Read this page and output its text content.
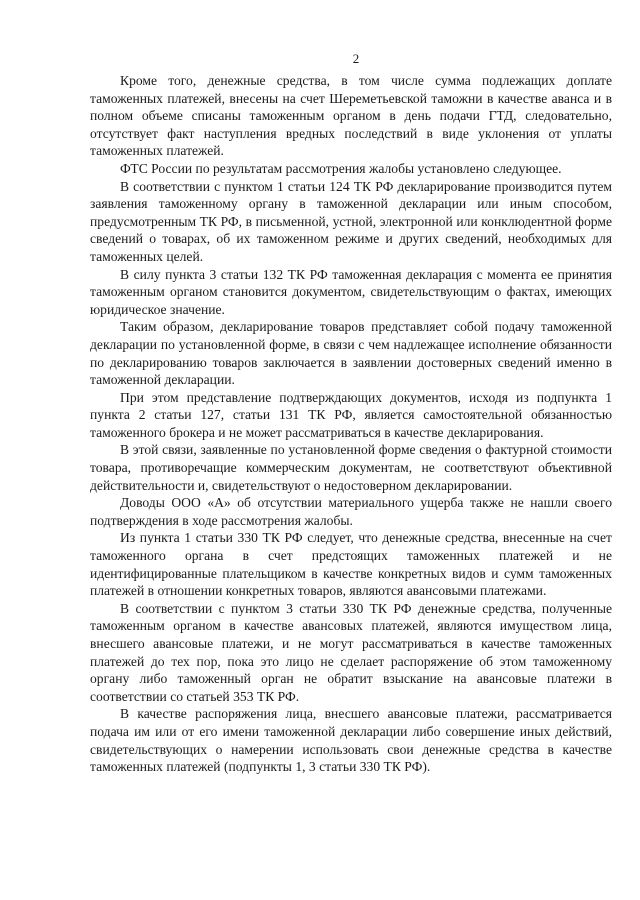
2

Кроме того, денежные средства, в том числе сумма подлежащих доплате таможенных платежей, внесены на счет Шереметьевской таможни в качестве аванса и в полном объеме списаны таможенным органом в день подачи ГТД, следовательно, отсутствует факт наступления вредных последствий в виде уклонения от уплаты таможенных платежей.

ФТС России по результатам рассмотрения жалобы установлено следующее.

В соответствии с пунктом 1 статьи 124 ТК РФ декларирование производится путем заявления таможенному органу в таможенной декларации или иным способом, предусмотренным ТК РФ, в письменной, устной, электронной или конклюдентной форме сведений о товарах, об их таможенном режиме и других сведений, необходимых для таможенных целей.

В силу пункта 3 статьи 132 ТК РФ таможенная декларация с момента ее принятия таможенным органом становится документом, свидетельствующим о фактах, имеющих юридическое значение.

Таким образом, декларирование товаров представляет собой подачу таможенной декларации по установленной форме, в связи с чем надлежащее исполнение обязанности по декларированию товаров заключается в заявлении достоверных сведений именно в таможенной декларации.

При этом представление подтверждающих документов, исходя из подпункта 1 пункта 2 статьи 127, статьи 131 ТК РФ, является самостоятельной обязанностью таможенного брокера и не может рассматриваться в качестве декларирования.

В этой связи, заявленные по установленной форме сведения о фактурной стоимости товара, противоречащие коммерческим документам, не соответствуют объективной действительности и, свидетельствуют о недостоверном декларировании.

Доводы ООО «А» об отсутствии материального ущерба также не нашли своего подтверждения в ходе рассмотрения жалобы.

Из пункта 1 статьи 330 ТК РФ следует, что денежные средства, внесенные на счет таможенного органа в счет предстоящих таможенных платежей и не идентифицированные плательщиком в качестве конкретных видов и сумм таможенных платежей в отношении конкретных товаров, являются авансовыми платежами.

В соответствии с пунктом 3 статьи 330 ТК РФ денежные средства, полученные таможенным органом в качестве авансовых платежей, являются имуществом лица, внесшего авансовые платежи, и не могут рассматриваться в качестве таможенных платежей до тех пор, пока это лицо не сделает распоряжение об этом таможенному органу либо таможенный орган не обратит взыскание на авансовые платежи в соответствии со статьей 353 ТК РФ.

В качестве распоряжения лица, внесшего авансовые платежи, рассматривается подача им или от его имени таможенной декларации либо совершение иных действий, свидетельствующих о намерении использовать свои денежные средства в качестве таможенных платежей (подпункты 1, 3 статьи 330 ТК РФ).
